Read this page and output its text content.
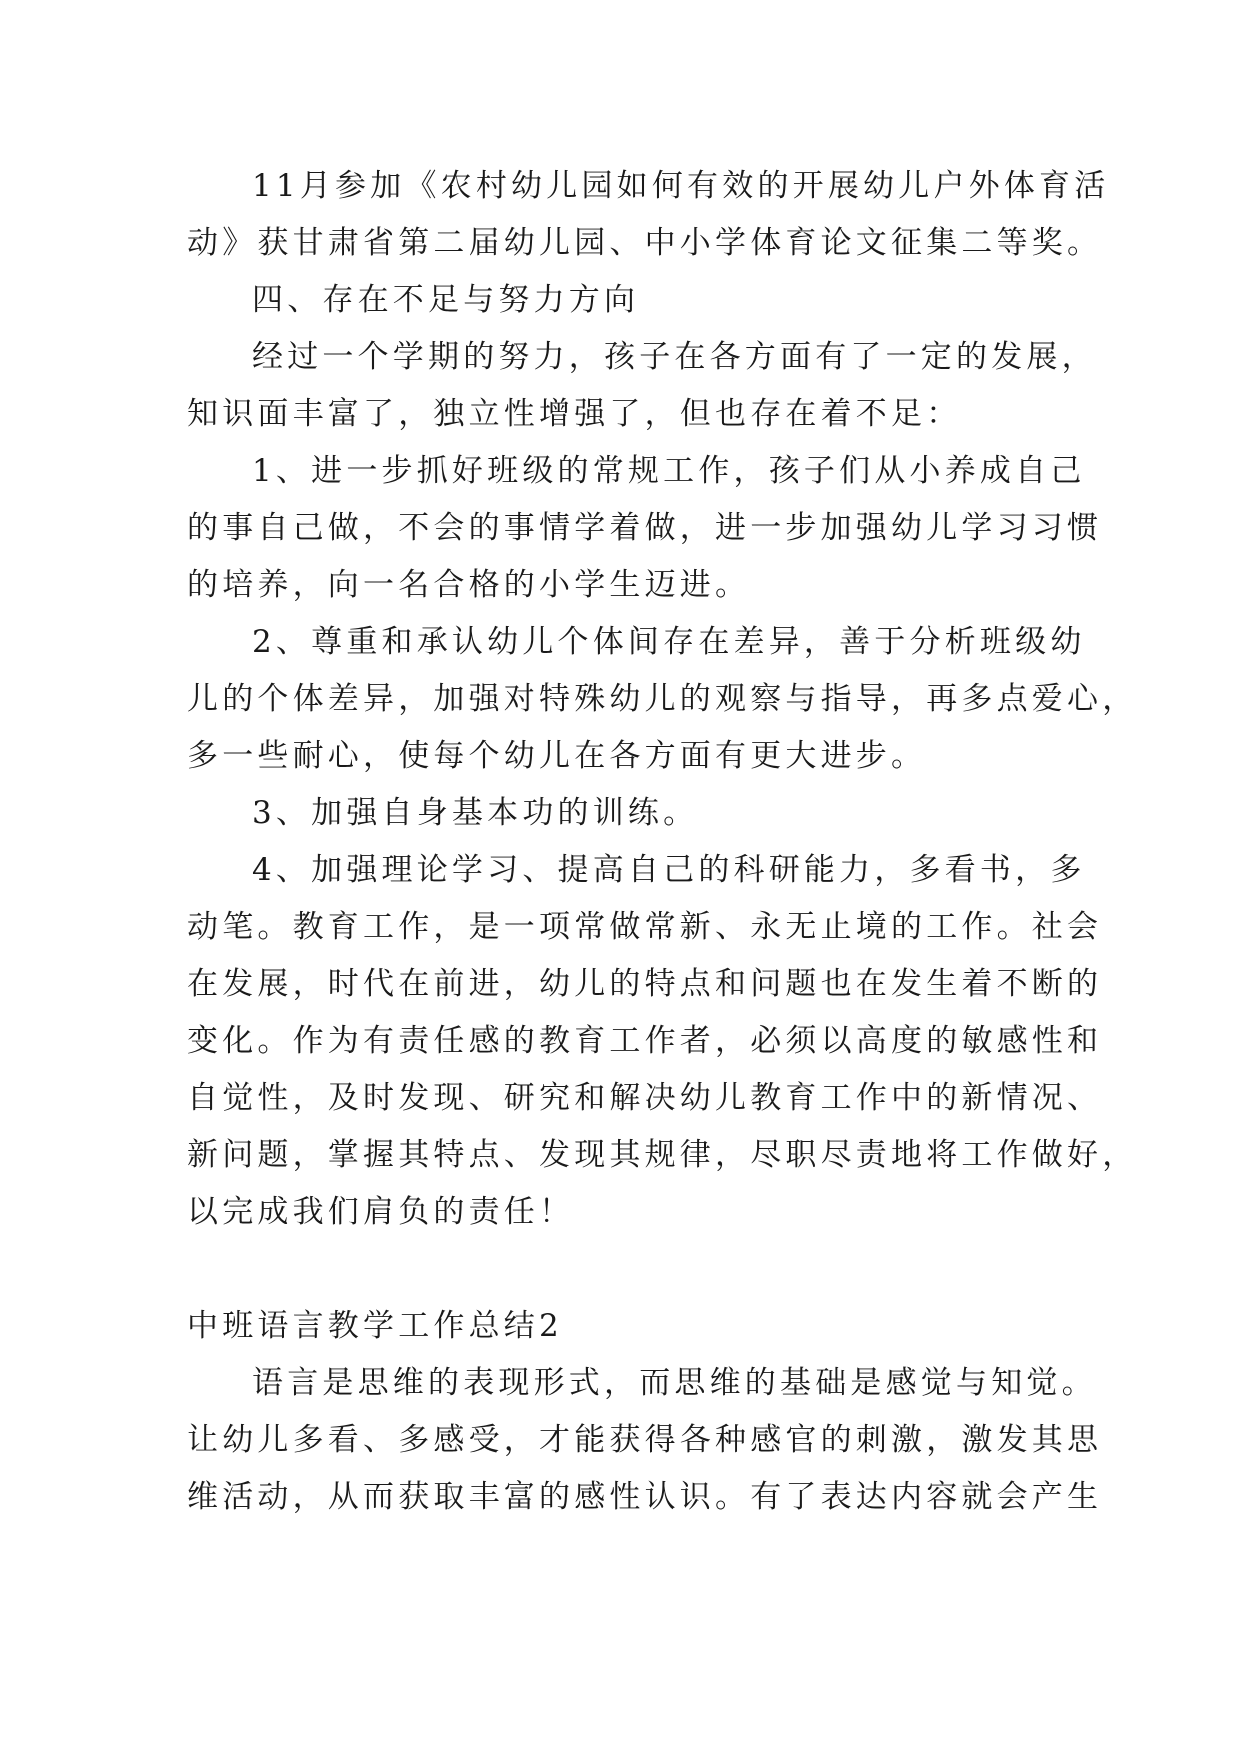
11月参加《农村幼儿园如何有效的开展幼儿户外体育活
动》获甘肃省第二届幼儿园、中小学体育论文征集二等奖。
四、存在不足与努力方向
经过一个学期的努力，孩子在各方面有了一定的发展，
知识面丰富了，独立性增强了，但也存在着不足：
1、进一步抓好班级的常规工作，孩子们从小养成自己
的事自己做，不会的事情学着做，进一步加强幼儿学习习惯
的培养，向一名合格的小学生迈进。
2、尊重和承认幼儿个体间存在差异，善于分析班级幼
儿的个体差异，加强对特殊幼儿的观察与指导，再多点爱心，
多一些耐心，使每个幼儿在各方面有更大进步。
3、加强自身基本功的训练。
4、加强理论学习、提高自己的科研能力，多看书，多
动笔。教育工作，是一项常做常新、永无止境的工作。社会
在发展，时代在前进，幼儿的特点和问题也在发生着不断的
变化。作为有责任感的教育工作者，必须以高度的敏感性和
自觉性，及时发现、研究和解决幼儿教育工作中的新情况、
新问题，掌握其特点、发现其规律，尽职尽责地将工作做好，
以完成我们肩负的责任！
中班语言教学工作总结2
语言是思维的表现形式，而思维的基础是感觉与知觉。
让幼儿多看、多感受，才能获得各种感官的刺激，激发其思
维活动，从而获取丰富的感性认识。有了表达内容就会产生
